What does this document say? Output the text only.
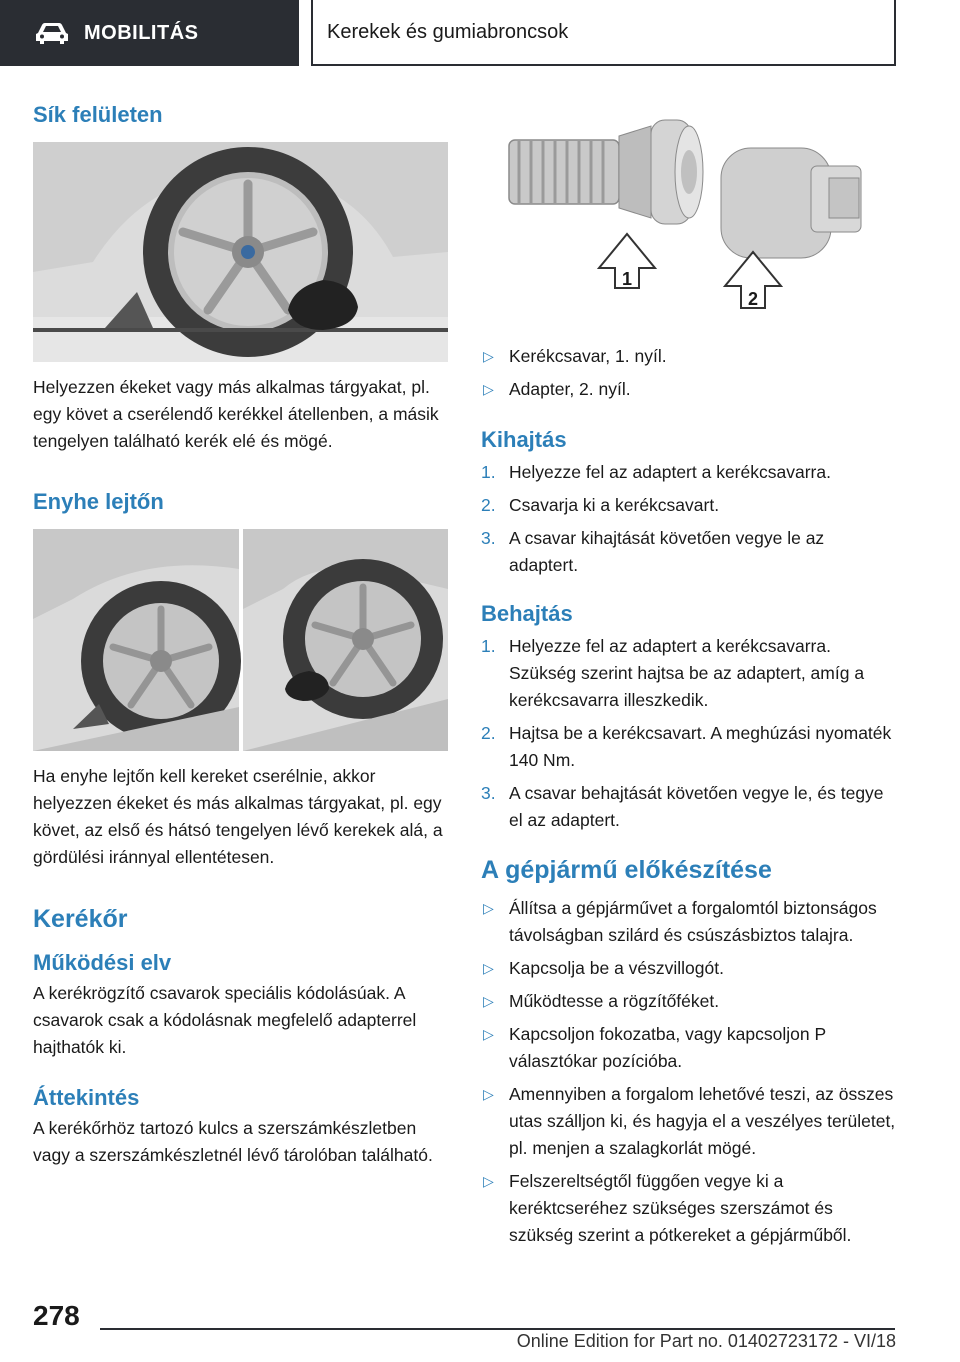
MOBILITÁS	Kerekek és gumiabroncsok
Sík felületen

Helyezzen ékeket vagy más alkalmas tárgyakat, pl. egy követ a cserélendő kerékkel átellenben, a másik tengelyen található kerék elé és mögé.

Enyhe lejtőn

Ha enyhe lejtőn kell kereket cserélnie, akkor helyezzen ékeket és más alkalmas tárgyakat, pl. egy követ, az első és hátsó tengelyen lévő kerekek alá, a gördülési iránnyal ellentétesen.

Kerékőr
Működési elv

A kerékrögzítő csavarok speciális kódolásúak. A csavarok csak a kódolásnak megfelelő adapterrel hajthatók ki.

Áttekintés

A kerékőrhöz tartozó kulcs a szerszámkészletben vagy a szerszámkészletnél lévő tárolóban található.

1
2
▷ Kerékcsavar, 1. nyíl.
▷ Adapter, 2. nyíl.
Kihajtás
1. Helyezze fel az adaptert a kerékcsavarra.
2. Csavarja ki a kerékcsavart.
3. A csavar kihajtását követően vegye le az adaptert.
Behajtás
1. Helyezze fel az adaptert a kerékcsavarra. Szükség szerint hajtsa be az adaptert, amíg a kerékcsavarra illeszkedik.
2. Hajtsa be a kerékcsavart. A meghúzási nyomaték 140 Nm.
3. A csavar behajtását követően vegye le, és tegye el az adaptert.
A gépjármű előkészítése
▷ Állítsa a gépjárművet a forgalomtól biztonságos távolságban szilárd és csúszásbiztos talajra.
▷ Kapcsolja be a vészvillogót.
▷ Működtesse a rögzítőféket.
▷ Kapcsoljon fokozatba, vagy kapcsoljon P választókar pozícióba.
▷ Amennyiben a forgalom lehetővé teszi, az összes utas szálljon ki, és hagyja el a veszélyes területet, pl. menjen a szalagkorlát mögé.
▷ Felszereltségtől függően vegye ki a keréktcseréhez szükséges szerszámot és szükség szerint a pótkereket a gépjárműből.
278
Online Edition for Part no. 01402723172 - VI/18
